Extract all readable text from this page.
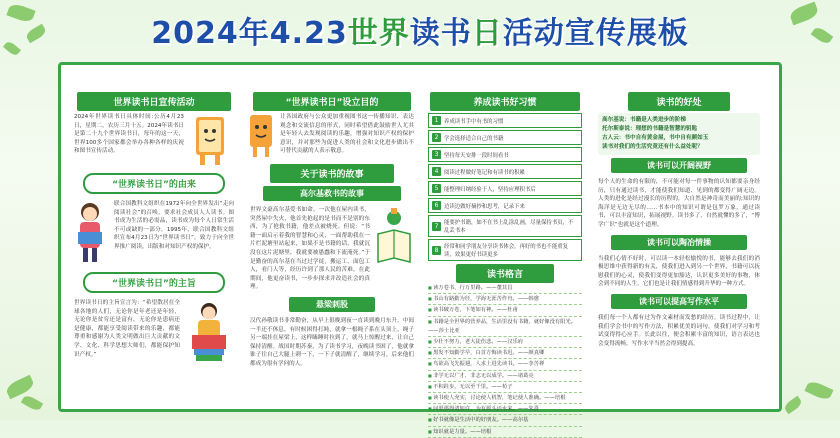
2024年4.23世界读书日活动宣传展板
世界读书日宣传活动
2024年世界读书日具体时间:公历4月23日，星期二，农历三月十五。2024年读书日是第二十九个世界读书日，每年的这一天，世界100多个国家都会举办各种各样的庆祝和图书宣传活动。
“世界读书日”的由来
联合国教科文组织在1972年向全世界发出“走向阅读社会”的召唤，要求社会成员人人读书。图书成为生活的必需品，读书成为每个人日常生活不可或缺的一部分。1995年，联合国教科文组织宣布4月23日为“世界读书日”，致力于向全世界推广阅读，出版和对知识产权的保护。
“世界读书日”的主旨
世界读书日的主旨宣言为：“希望散居在全球各地的人们，无论你是年老还是年轻，无论你是贫穷还是富有，无论你是患病还是健康，都能享受阅读带来的乐趣，都能尊重和感谢为人类文明做出巨大贡献的文学、文化、科学思想大师们，都能保护知识产权。”
“世界读书日”设立目的
让各国政府与公众更加重视图书这一传播知识、表达观念和交流信息的形式，同时希望借此鼓励世人尤其是年轻人去发现阅读的乐趣，增强对知识产权的保护意识，并对那些为促进人类的社会和文化进步做出不可替代贡献的人表示敬意。
关于读书的故事
高尔基救书的故事
世界文豪高尔基爱书如命。一次他在屋内读书，突然屋中失火，他首先抢起的是书而不是别的东西，为了抢救书籍，他差点被烧死。但说：“书籍一面启示着我的智慧和心灵，一面帮助我在一片烂泥塘里站起来，如果不是书籍的话，我就沉没在这片泥塘里，我就要被愚蠢和下流淹死。”于是勤奋的高尔基在当过过学徒，搬运工、面包工人，看门人等，经历许到了那人民的苦难。在此期间，他更奋读书，一步步探求并改造社会的真理。
悬梁刺股
汉代孙敬读书非常勤奋，从早上很晚到夜一直读到晚月东升。中间一半还不休息，有时候困得打盹，就拿一根绳子系在头顶上，绳子另一端挂在屋梁上，这样瞌睡时拉到了，就马上惊醒过来，让自己保持清醒。战国时期苏秦，为了读书学习，夜晚读书困了，他就拿锥子往自己大腿上刺一下，一下子就清醒了，继续学习。后来他们都成为很有学问的人。
养成读书好习惯
1	养成读书手中有书的习惯
2	学会选择适合自己的书籍
3	坚持每天安排一段时间看书
4	阅读过程做好笔记和有读书的积累
5	能整理归纳经验于人，坚持应理积书后
6	边读边做好摘抄和思考，记录下来
7	能要护书籍，如不在书上乱涂乱画，尽量保持书页，不乱丢书本
8	经常和同学朋友分享读书体会，再好的书也不能重复读，效果更好书读更多
读书格言
■ 读万卷书，行万里路。——董其昌
■ 书山有路勤为径，学海无涯苦作舟。——韩愈
■ 读书破万卷，下笔如有神。——杜甫
■ 书籍是全世界的营养品，生活里没有书籍，就好像没有阳光。——莎士比亚
■ 少壮不努力，老大徒伤悲。——汉乐府
■ 黑发不知勤学早，白首方悔读书迟。——颜真卿
■ 鸟欲高飞先振翅，人求上进先读书。——李苦禅
■ 非学无以广才，非志无以成学。——诸葛亮
■ 不积跬步，无以至千里。——荀子
■ 读书使人充实，讨论使人机智，笔记使人准确。——培根
■ 问渠那得清如许，为有源头活水来。——朱熹
■ 好书就像是生活中的好朋友。——高尔基
■ 知识就是力量。——培根
读书的好处
高尔基说：书籍是人类进步的阶梯
托尔斯泰说：理想的书籍是智慧的钥匙
古人云：书中自有黄金屋，书中自有颜如玉
读书对我们的生活究竟还有什么益处呢？
读书可以开阔视野
每个人的生命的有限的，不可能对每一件事物的认知都要亲身经历，只有通过读书，才能使我们知道、见到的都变得广阔无边。人类的进化是经过漫长的历程的，大自然是神奇而美丽的;知识的海洋是无边无尽的……书本中的知识可谓是包罗万象，通过读书，可以丰富知识，拓展视野。读书多了，自然就懂的多了，“博学广识”也就是这个道理。
读书可以陶冶情操
当我们心情不好时，可以读一本轻松愉悦的书，能够去我们的消极思维中获得新的有关，使我们进入到另一个世界，书籍可以抚慰我们的心灵，使我们变得更加豁达，认识更多美好的事物，体会到不同的人生，它们也是让我们情感得到升华的一种方式。
读书可以提高写作水平
我们每一个人都有过为作文素材而发愁的经历。读书过程中，让我们学会书中的写作方法，积累优美的词句，使我们对学习和考试变得得心应手。长此以往，便会积累丰富的知识，语言表达也会变得流畅，写作水平当然会得到提高。
